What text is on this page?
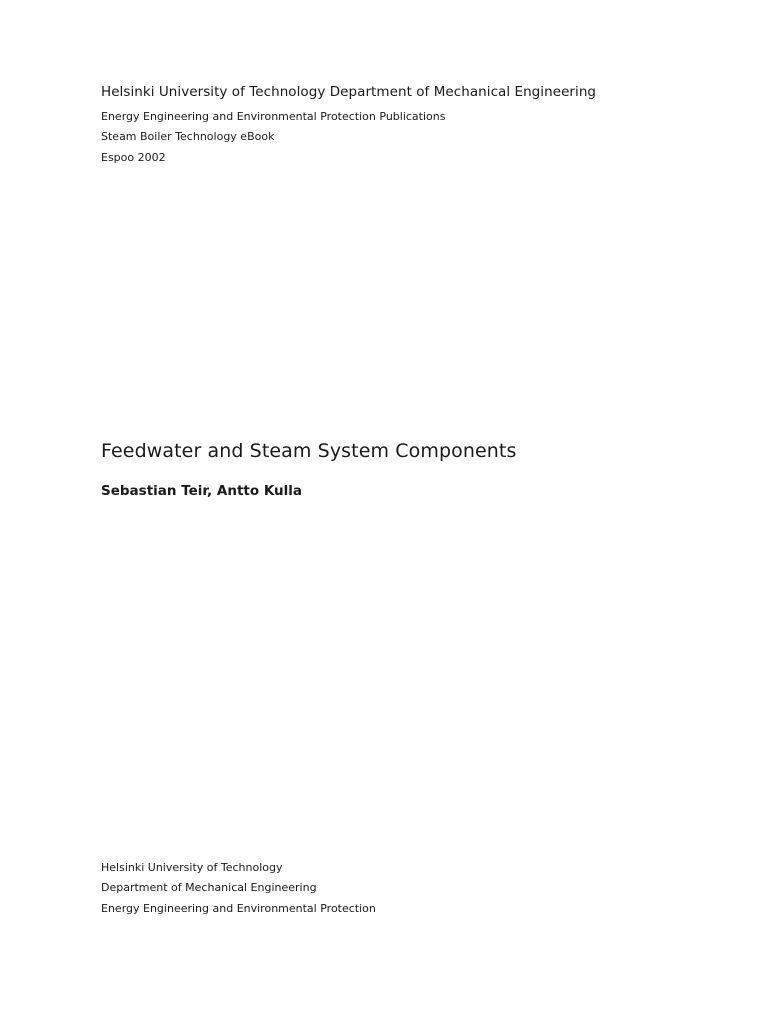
Helsinki University of Technology Department of Mechanical Engineering
Energy Engineering and Environmental Protection Publications
Steam Boiler Technology eBook
Espoo 2002
Feedwater and Steam System Components
Sebastian Teir, Antto Kulla
Helsinki University of Technology
Department of Mechanical Engineering
Energy Engineering and Environmental Protection
